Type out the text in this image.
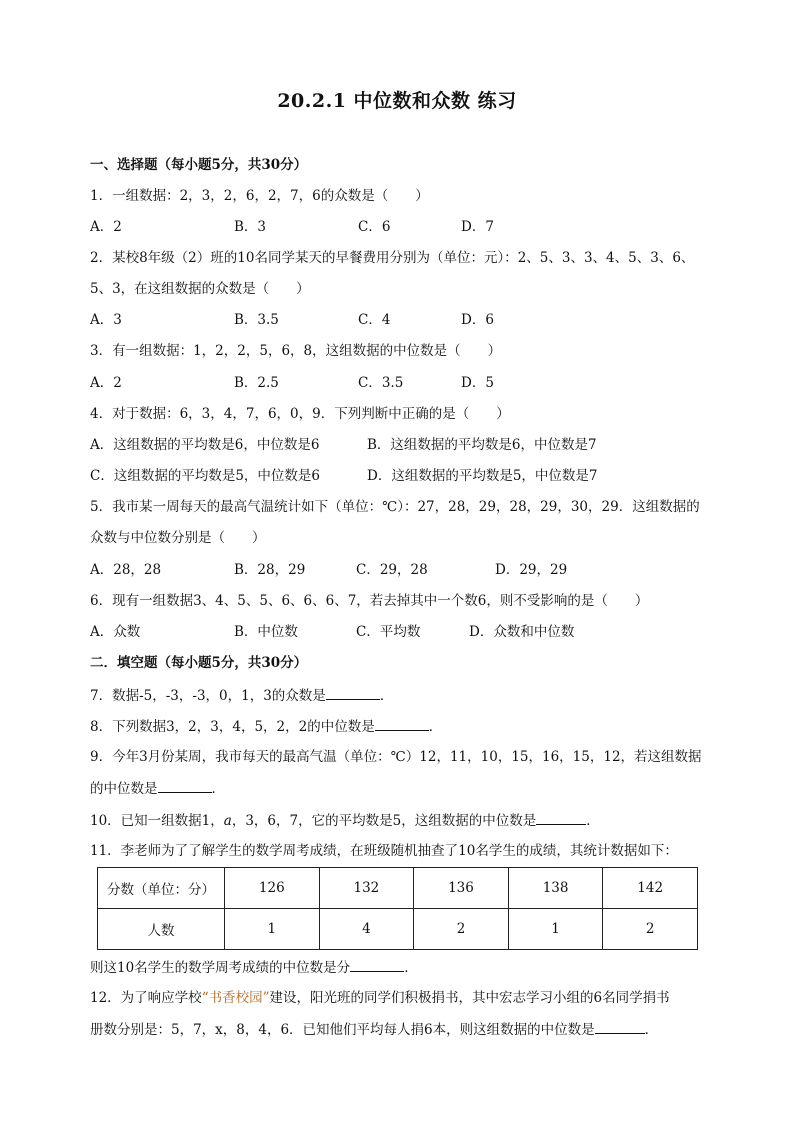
20.2.1 中位数和众数 练习
一、选择题（每小题5分，共30分）
1．一组数据：2，3，2，6，2，7，6的众数是（　　）
A．2	B．3	C．6	D．7
2．某校8年级（2）班的10名同学某天的早餐费用分别为（单位：元）：2、5、3、3、4、5、3、6、
5、3，在这组数据的众数是（　　）
A．3	B．3.5	C．4	D．6
3．有一组数据：1，2，2，5，6，8，这组数据的中位数是（　　）
A．2	B．2.5	C．3.5	D．5
4．对于数据：6，3，4，7，6，0，9．下列判断中正确的是（　　）
A．这组数据的平均数是6，中位数是6	B．这组数据的平均数是6，中位数是7
C．这组数据的平均数是5，中位数是6	D．这组数据的平均数是5，中位数是7
5．我市某一周每天的最高气温统计如下（单位：℃）：27，28，29，28，29，30，29．这组数据的
众数与中位数分别是（　　）
A．28，28	B．28，29	C．29，28	D．29，29
6．现有一组数据3、4、5、5、6、6、6、7，若去掉其中一个数6，则不受影响的是（　　）
A．众数	B．中位数	C．平均数	D．众数和中位数
二．填空题（每小题5分，共30分）
7．数据-5，-3，-3，0，1，3的众数是	．
8．下列数据3，2，3，4，5，2，2的中位数是	．
9．今年3月份某周，我市每天的最高气温（单位：℃）12，11，10，15，16，15，12，若这组数据
的中位数是	．
10．已知一组数据1，a，3，6，7，它的平均数是5，这组数据的中位数是	．
11．李老师为了了解学生的数学周考成绩，在班级随机抽查了10名学生的成绩，其统计数据如下：
分数（单位：分）	126	132	136	138	142
人数	1	4	2	1	2
则这10名学生的数学周考成绩的中位数是分	．
12．为了响应学校“书香校园”建设，阳光班的同学们积极捐书，其中宏志学习小组的6名同学捐书
册数分别是：5，7，x，8，4，6．已知他们平均每人捐6本，则这组数据的中位数是	．
